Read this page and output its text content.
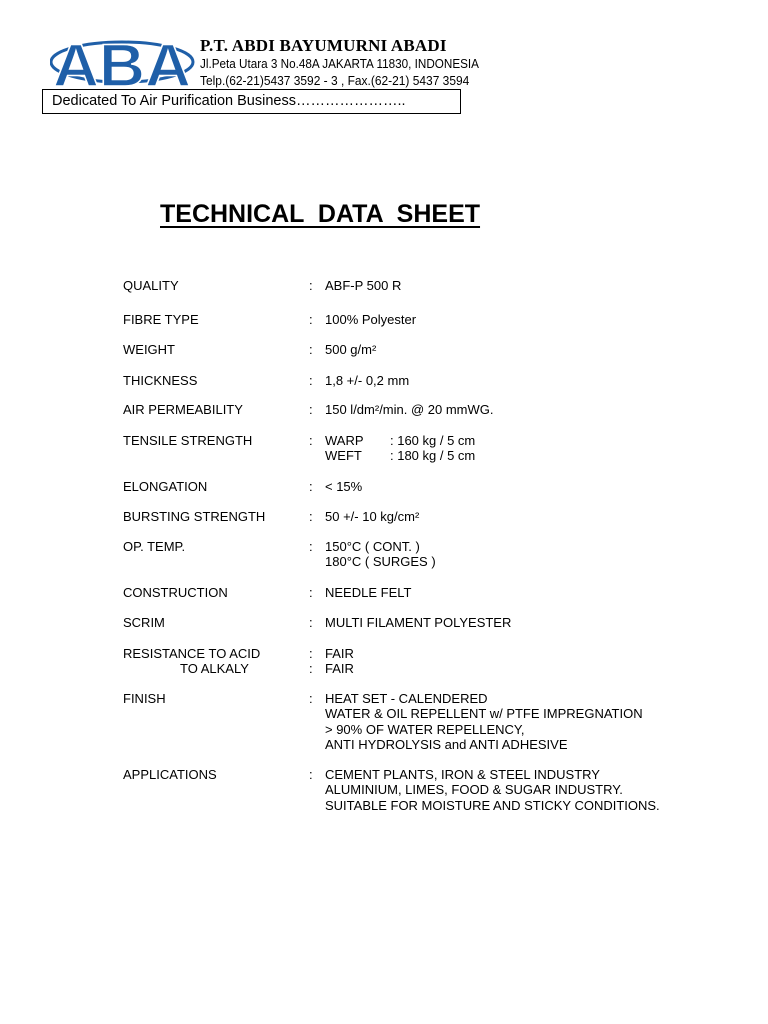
ABA P.T. ABDI BAYUMURNI ABADI
Jl.Peta Utara 3 No.48A JAKARTA 11830, INDONESIA
Telp.(62-21)5437 3592 - 3 , Fax.(62-21) 5437 3594
Dedicated To Air Purification Business…………………..
TECHNICAL DATA SHEET
QUALITY	: ABF-P 500 R
FIBRE TYPE	: 100% Polyester
WEIGHT	: 500 g/m²
THICKNESS	: 1,8 +/- 0,2 mm
AIR PERMEABILITY	: 150 l/dm²/min. @ 20 mmWG.
TENSILE STRENGTH	: WARP : 160 kg / 5 cm
WEFT : 180 kg / 5 cm
ELONGATION	: < 15%
BURSTING STRENGTH	: 50 +/- 10 kg/cm²
OP. TEMP.	: 150°C ( CONT. )
180°C ( SURGES )
CONSTRUCTION	: NEEDLE FELT
SCRIM	: MULTI FILAMENT POLYESTER
RESISTANCE TO ACID	: FAIR
TO ALKALY	: FAIR
FINISH	: HEAT SET - CALENDERED
WATER & OIL REPELLENT w/ PTFE IMPREGNATION
> 90% OF WATER REPELLENCY,
ANTI HYDROLYSIS and ANTI ADHESIVE
APPLICATIONS	: CEMENT PLANTS, IRON & STEEL INDUSTRY
ALUMINIUM, LIMES, FOOD & SUGAR INDUSTRY.
SUITABLE FOR MOISTURE AND STICKY CONDITIONS.
